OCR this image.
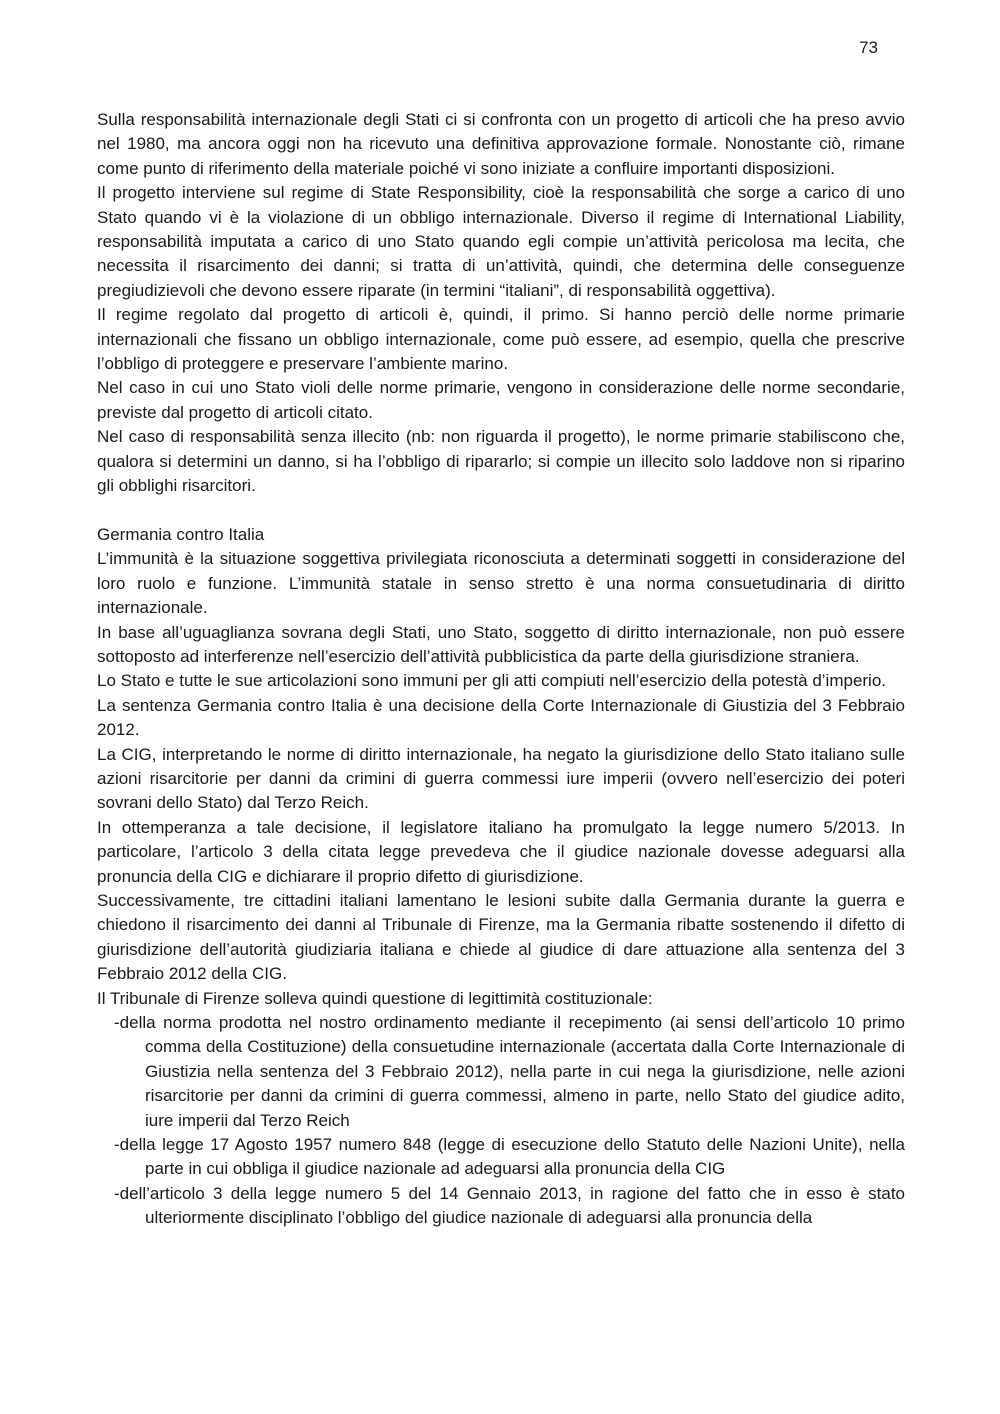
73

Sulla responsabilità internazionale degli Stati ci si confronta con un progetto di articoli che ha preso avvio nel 1980, ma ancora oggi non ha ricevuto una definitiva approvazione formale. Nonostante ciò, rimane come punto di riferimento della materiale poiché vi sono iniziate a confluire importanti disposizioni.

Il progetto interviene sul regime di State Responsibility, cioè la responsabilità che sorge a carico di uno Stato quando vi è la violazione di un obbligo internazionale. Diverso il regime di International Liability, responsabilità imputata a carico di uno Stato quando egli compie un’attività pericolosa ma lecita, che necessita il risarcimento dei danni; si tratta di un’attività, quindi, che determina delle conseguenze pregiudizievoli che devono essere riparate (in termini “italiani”, di responsabilità oggettiva).

Il regime regolato dal progetto di articoli è, quindi, il primo. Si hanno perciò delle norme primarie internazionali che fissano un obbligo internazionale, come può essere, ad esempio, quella che prescrive l’obbligo di proteggere e preservare l’ambiente marino.

Nel caso in cui uno Stato violi delle norme primarie, vengono in considerazione delle norme secondarie, previste dal progetto di articoli citato.

Nel caso di responsabilità senza illecito (nb: non riguarda il progetto), le norme primarie stabiliscono che, qualora si determini un danno, si ha l’obbligo di ripararlo; si compie un illecito solo laddove non si riparino gli obblighi risarcitori.

Germania contro Italia

L’immunità è la situazione soggettiva privilegiata riconosciuta a determinati soggetti in considerazione del loro ruolo e funzione. L’immunità statale in senso stretto è una norma consuetudinaria di diritto internazionale.

In base all’uguaglianza sovrana degli Stati, uno Stato, soggetto di diritto internazionale, non può essere sottoposto ad interferenze nell’esercizio dell’attività pubblicistica da parte della giurisdizione straniera.

Lo Stato e tutte le sue articolazioni sono immuni per gli atti compiuti nell’esercizio della potestà d’imperio.

La sentenza Germania contro Italia è una decisione della Corte Internazionale di Giustizia del 3 Febbraio 2012.

La CIG, interpretando le norme di diritto internazionale, ha negato la giurisdizione dello Stato italiano sulle azioni risarcitorie per danni da crimini di guerra commessi iure imperii (ovvero nell’esercizio dei poteri sovrani dello Stato) dal Terzo Reich.

In ottemperanza a tale decisione, il legislatore italiano ha promulgato la legge numero 5/2013. In particolare, l’articolo 3 della citata legge prevedeva che il giudice nazionale dovesse adeguarsi alla pronuncia della CIG e dichiarare il proprio difetto di giurisdizione.

Successivamente, tre cittadini italiani lamentano le lesioni subite dalla Germania durante la guerra e chiedono il risarcimento dei danni al Tribunale di Firenze, ma la Germania ribatte sostenendo il difetto di giurisdizione dell’autorità giudiziaria italiana e chiede al giudice di dare attuazione alla sentenza del 3 Febbraio 2012 della CIG.

Il Tribunale di Firenze solleva quindi questione di legittimità costituzionale:

-della norma prodotta nel nostro ordinamento mediante il recepimento (ai sensi dell’articolo 10 primo comma della Costituzione) della consuetudine internazionale (accertata dalla Corte Internazionale di Giustizia nella sentenza del 3 Febbraio 2012), nella parte in cui nega la giurisdizione, nelle azioni risarcitorie per danni da crimini di guerra commessi, almeno in parte, nello Stato del giudice adito, iure imperii dal Terzo Reich
-della legge 17 Agosto 1957 numero 848 (legge di esecuzione dello Statuto delle Nazioni Unite), nella parte in cui obbliga il giudice nazionale ad adeguarsi alla pronuncia della CIG
-dell’articolo 3 della legge numero 5 del 14 Gennaio 2013, in ragione del fatto che in esso è stato ulteriormente disciplinato l’obbligo del giudice nazionale di adeguarsi alla pronuncia della
